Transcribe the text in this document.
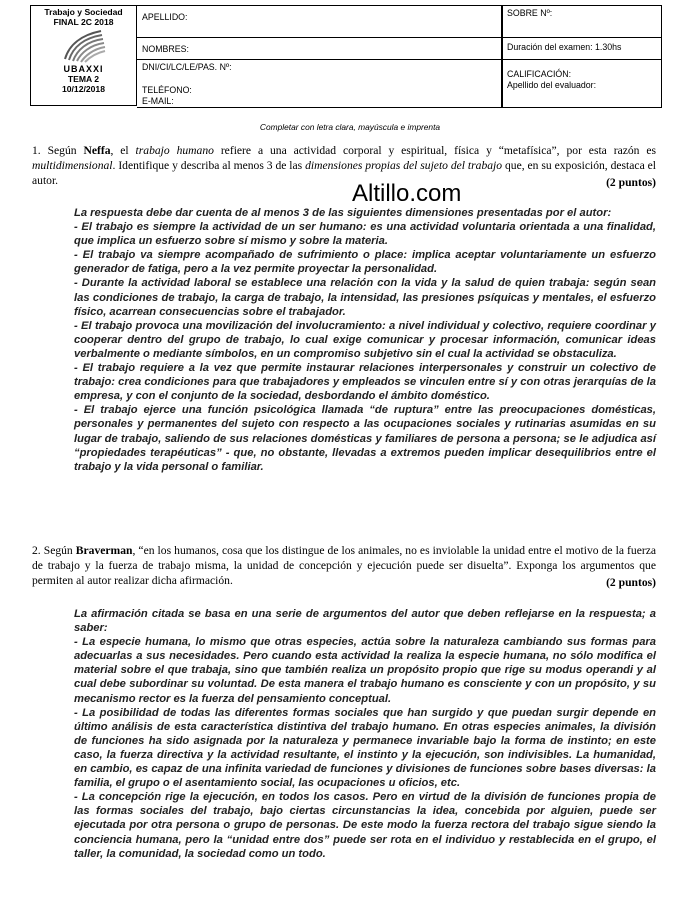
Trabajo y Sociedad
FINAL 2C 2018
UBAXXI
TEMA 2
10/12/2018
APELLIDO:
NOMBRES:
DNI/CI/LC/LE/PAS. Nº:
TELÉFONO:
E-MAIL:
SOBRE Nº:
Duración del examen: 1.30hs
CALIFICACIÓN:
Apellido del evaluador:
Completar con letra clara, mayúscula e imprenta
1. Según Neffa, el trabajo humano refiere a una actividad corporal y espiritual, física y “metafísica”, por esta razón es multidimensional. Identifique y describa al menos 3 de las dimensiones propias del sujeto del trabajo que, en su exposición, destaca el autor.	(2 puntos)
Altillo.com
La respuesta debe dar cuenta de al menos 3 de las siguientes dimensiones presentadas por el autor:
- El trabajo es siempre la actividad de un ser humano: es una actividad voluntaria orientada a una finalidad, que implica un esfuerzo sobre sí mismo y sobre la materia.
- El trabajo va siempre acompañado de sufrimiento o place: implica aceptar voluntariamente un esfuerzo generador de fatiga, pero a la vez permite proyectar la personalidad.
- Durante la actividad laboral se establece una relación con la vida y la salud de quien trabaja: según sean las condiciones de trabajo, la carga de trabajo, la intensidad, las presiones psíquicas y mentales, el esfuerzo físico, acarrean consecuencias sobre el trabajador.
- El trabajo provoca una movilización del involucramiento: a nivel individual y colectivo, requiere coordinar y cooperar dentro del grupo de trabajo, lo cual exige comunicar y procesar información, comunicar ideas verbalmente o mediante símbolos, en un compromiso subjetivo sin el cual la actividad se obstaculiza.
- El trabajo requiere a la vez que permite instaurar relaciones interpersonales y construir un colectivo de trabajo: crea condiciones para que trabajadores y empleados se vinculen entre sí y con otras jerarquías de la empresa, y con el conjunto de la sociedad, desbordando el ámbito doméstico.
- El trabajo ejerce una función psicológica llamada “de ruptura” entre las preocupaciones domésticas, personales y permanentes del sujeto con respecto a las ocupaciones sociales y rutinarias asumidas en su lugar de trabajo, saliendo de sus relaciones domésticas y familiares de persona a persona; se le adjudica así “propiedades terapéuticas” - que, no obstante, llevadas a extremos pueden implicar desequilibrios entre el trabajo y la vida personal o familiar.
2. Según Braverman, “en los humanos, cosa que los distingue de los animales, no es inviolable la unidad entre el motivo de la fuerza de trabajo y la fuerza de trabajo misma, la unidad de concepción y ejecución puede ser disuelta”. Exponga los argumentos que permiten al autor realizar dicha afirmación.	(2 puntos)
La afirmación citada se basa en una serie de argumentos del autor que deben reflejarse en la respuesta; a saber:
- La especie humana, lo mismo que otras especies, actúa sobre la naturaleza cambiando sus formas para adecuarlas a sus necesidades. Pero cuando esta actividad la realiza la especie humana, no sólo modifica el material sobre el que trabaja, sino que también realiza un propósito propio que rige su modus operandi y al cual debe subordinar su voluntad. De esta manera el trabajo humano es consciente y con un propósito, y su mecanismo rector es la fuerza del pensamiento conceptual.
- La posibilidad de todas las diferentes formas sociales que han surgido y que puedan surgir depende en último análisis de esta característica distintiva del trabajo humano. En otras especies animales, la división de funciones ha sido asignada por la naturaleza y permanece invariable bajo la forma de instinto; en este caso, la fuerza directiva y la actividad resultante, el instinto y la ejecución, son indivisibles. La humanidad, en cambio, es capaz de una infinita variedad de funciones y divisiones de funciones sobre bases diversas: la familia, el grupo o el asentamiento social, las ocupaciones u oficios, etc.
- La concepción rige la ejecución, en todos los casos. Pero en virtud de la división de funciones propia de las formas sociales del trabajo, bajo ciertas circunstancias la idea, concebida por alguien, puede ser ejecutada por otra persona o grupo de personas. De este modo la fuerza rectora del trabajo sigue siendo la conciencia humana, pero la “unidad entre dos” puede ser rota en el individuo y restablecida en el grupo, el taller, la comunidad, la sociedad como un todo.
